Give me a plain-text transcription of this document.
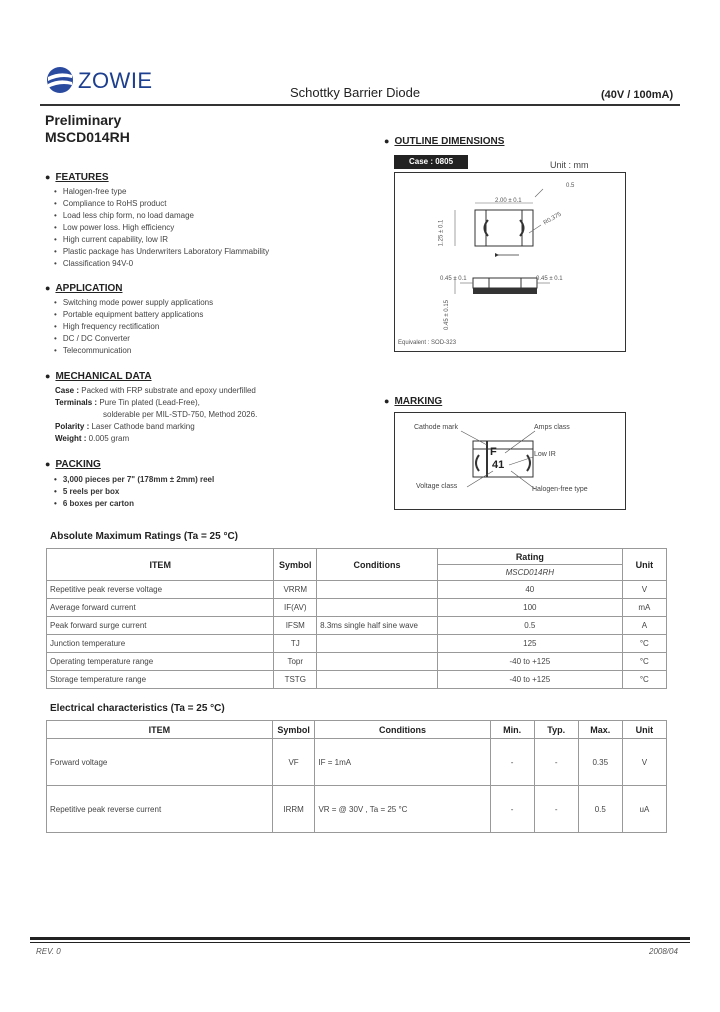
ZOWIE	Schottky Barrier Diode	(40V / 100mA)
Preliminary
MSCD014RH
● FEATURES
• Halogen-free type
• Compliance to RoHS product
• Load less chip form, no load damage
• Low power loss. High efficiency
• High current capability, low IR
• Plastic package has Underwriters Laboratory Flammability
• Classification 94V-0
● APPLICATION
• Switching mode power supply applications
• Portable equipment battery applications
• High frequency rectification
• DC / DC Converter
• Telecommunication
● MECHANICAL DATA
Case : Packed with FRP substrate and epoxy underfilled
Terminals : Pure Tin plated (Lead-Free),
solderable per MIL-STD-750, Method 2026.
Polarity : Laser Cathode band marking
Weight : 0.005 gram
● PACKING
• 3,000 pieces per 7" (178mm ± 2mm) reel
• 5 reels per box
• 6 boxes per carton
● OUTLINE DIMENSIONS
Case : 0805	Unit : mm
2.00 ± 0.1
0.5
R0.375
1.25 ± 0.1
0.45 ± 0.1	0.45 ± 0.1
0.45 ± 0.15
Equivalent : SOD-323
● MARKING
Cathode mark	Amps class
Low IR
Voltage class	Halogen-free type
F
41
Absolute Maximum Ratings (Ta = 25 °C)
ITEM	Symbol	Conditions	Rating	Unit
			MSCD014RH	
Repetitive peak reverse voltage	VRRM		40	V
Average forward current	IF(AV)		100	mA
Peak forward surge current	IFSM	8.3ms single half sine wave	0.5	A
Junction temperature	TJ		125	°C
Operating temperature range	Topr		-40 to +125	°C
Storage temperature range	TSTG		-40 to +125	°C
Electrical characteristics (Ta = 25 °C)
ITEM	Symbol	Conditions	Min.	Typ.	Max.	Unit
Forward voltage	VF	IF = 1mA	-	-	0.35	V
Repetitive peak reverse current	IRRM	VR = @ 30V , Ta = 25 °C	-	-	0.5	uA
REV. 0	2008/04
